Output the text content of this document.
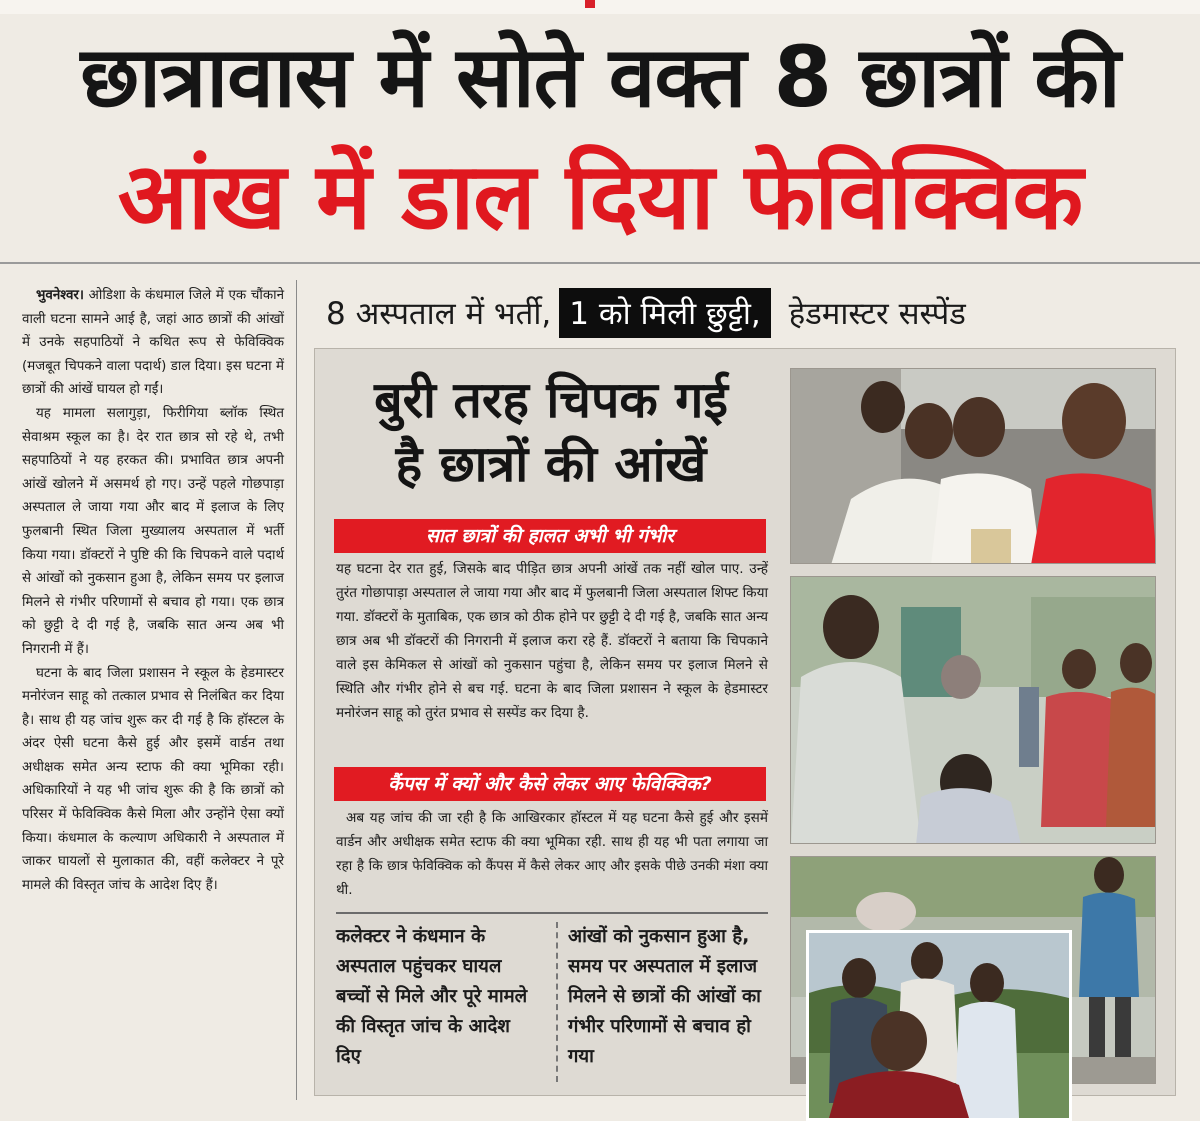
छात्रावास में सोते वक्त 8 छात्रों की
आंख में डाल दिया फेविक्विक

भुवनेश्वर। ओडिशा के कंधमाल जिले में एक चौंकाने वाली घटना सामने आई है, जहां आठ छात्रों की आंखों में उनके सहपाठियों ने कथित रूप से फेविक्विक (मजबूत चिपकने वाला पदार्थ) डाल दिया। इस घटना में छात्रों की आंखें घायल हो गईं।

यह मामला सलागुड़ा, फिरीगिया ब्लॉक स्थित सेवाश्रम स्कूल का है। देर रात छात्र सो रहे थे, तभी सहपाठियों ने यह हरकत की। प्रभावित छात्र अपनी आंखें खोलने में असमर्थ हो गए। उन्हें पहले गोछपाड़ा अस्पताल ले जाया गया और बाद में इलाज के लिए फुलबानी स्थित जिला मुख्यालय अस्पताल में भर्ती किया गया। डॉक्टरों ने पुष्टि की कि चिपकने वाले पदार्थ से आंखों को नुकसान हुआ है, लेकिन समय पर इलाज मिलने से गंभीर परिणामों से बचाव हो गया। एक छात्र को छुट्टी दे दी गई है, जबकि सात अन्य अब भी निगरानी में हैं।

घटना के बाद जिला प्रशासन ने स्कूल के हेडमास्टर मनोरंजन साहू को तत्काल प्रभाव से निलंबित कर दिया है। साथ ही यह जांच शुरू कर दी गई है कि हॉस्टल के अंदर ऐसी घटना कैसे हुई और इसमें वार्डन तथा अधीक्षक समेत अन्य स्टाफ की क्या भूमिका रही। अधिकारियों ने यह भी जांच शुरू की है कि छात्रों को परिसर में फेविक्विक कैसे मिला और उन्होंने ऐसा क्यों किया। कंधमाल के कल्याण अधिकारी ने अस्पताल में जाकर घायलों से मुलाकात की, वहीं कलेक्टर ने पूरे मामले की विस्तृत जांच के आदेश दिए हैं।

8 अस्पताल में भर्ती, 1 को मिली छुट्टी, हेडमास्टर सस्पेंड
बुरी तरह चिपक गई
है छात्रों की आंखें
सात छात्रों की हालत अभी भी गंभीर
यह घटना देर रात हुई, जिसके बाद पीड़ित छात्र अपनी आंखें तक नहीं खोल पाए. उन्हें तुरंत गोछापाड़ा अस्पताल ले जाया गया और बाद में फुलबानी जिला अस्पताल शिफ्ट किया गया. डॉक्टरों के मुताबिक, एक छात्र को ठीक होने पर छुट्टी दे दी गई है, जबकि सात अन्य छात्र अब भी डॉक्टरों की निगरानी में इलाज करा रहे हैं. डॉक्टरों ने बताया कि चिपकाने वाले इस केमिकल से आंखों को नुकसान पहुंचा है, लेकिन समय पर इलाज मिलने से स्थिति और गंभीर होने से बच गई. घटना के बाद जिला प्रशासन ने स्कूल के हेडमास्टर मनोरंजन साहू को तुरंत प्रभाव से सस्पेंड कर दिया है.
कैंपस में क्यों और कैसे लेकर आए फेविक्विक?
अब यह जांच की जा रही है कि आखिरकार हॉस्टल में यह घटना कैसे हुई और इसमें वार्डन और अधीक्षक समेत स्टाफ की क्या भूमिका रही. साथ ही यह भी पता लगाया जा रहा है कि छात्र फेविक्विक को कैंपस में कैसे लेकर आए और इसके पीछे उनकी मंशा क्या थी.
कलेक्टर ने कंधमान के अस्पताल पहुंचकर घायल बच्चों से मिले और पूरे मामले की विस्तृत जांच के आदेश दिए
आंखों को नुकसान हुआ है, समय पर अस्पताल में इलाज मिलने से छात्रों की आंखों का गंभीर परिणामों से बचाव हो गया
